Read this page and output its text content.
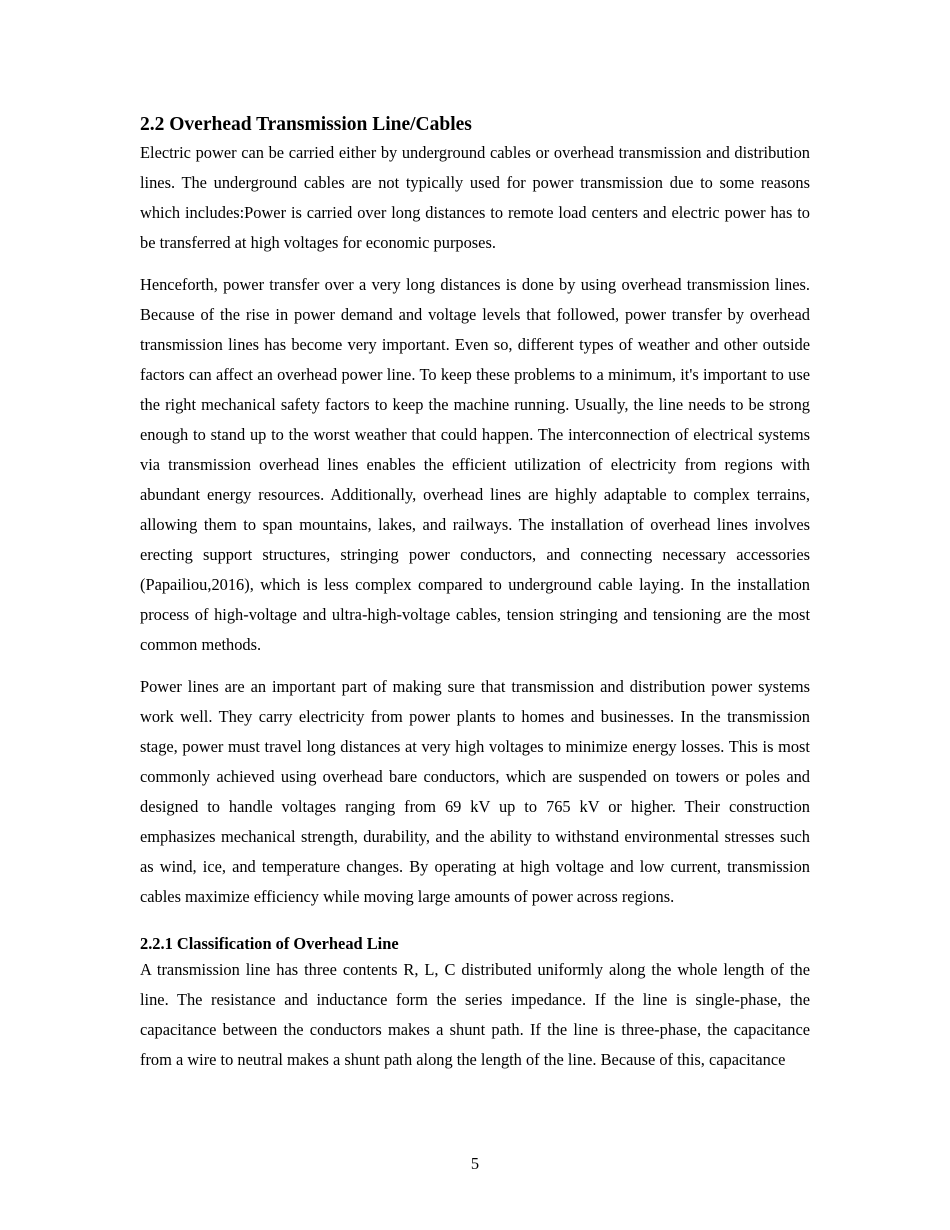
2.2 Overhead Transmission Line/Cables

Electric power can be carried either by underground cables or overhead transmission and distribution lines. The underground cables are not typically used for power transmission due to some reasons which includes:Power is carried over long distances to remote load centers and electric power has to be transferred at high voltages for economic purposes.

Henceforth, power transfer over a very long distances is done by using overhead transmission lines. Because of the rise in power demand and voltage levels that followed, power transfer by overhead transmission lines has become very important. Even so, different types of weather and other outside factors can affect an overhead power line. To keep these problems to a minimum, it's important to use the right mechanical safety factors to keep the machine running. Usually, the line needs to be strong enough to stand up to the worst weather that could happen. The interconnection of electrical systems via transmission overhead lines enables the efficient utilization of electricity from regions with abundant energy resources. Additionally, overhead lines are highly adaptable to complex terrains, allowing them to span mountains, lakes, and railways. The installation of overhead lines involves erecting support structures, stringing power conductors, and connecting necessary accessories (Papailiou,2016), which is less complex compared to underground cable laying. In the installation process of high-voltage and ultra-high-voltage cables, tension stringing and tensioning are the most common methods.

Power lines are an important part of making sure that transmission and distribution power systems work well. They carry electricity from power plants to homes and businesses. In the transmission stage, power must travel long distances at very high voltages to minimize energy losses. This is most commonly achieved using overhead bare conductors, which are suspended on towers or poles and designed to handle voltages ranging from 69 kV up to 765 kV or higher. Their construction emphasizes mechanical strength, durability, and the ability to withstand environmental stresses such as wind, ice, and temperature changes. By operating at high voltage and low current, transmission cables maximize efficiency while moving large amounts of power across regions.

2.2.1 Classification of Overhead Line

A transmission line has three contents R, L, C distributed uniformly along the whole length of the line. The resistance and inductance form the series impedance. If the line is single-phase, the capacitance between the conductors makes a shunt path. If the line is three-phase, the capacitance from a wire to neutral makes a shunt path along the length of the line. Because of this, capacitance

5
